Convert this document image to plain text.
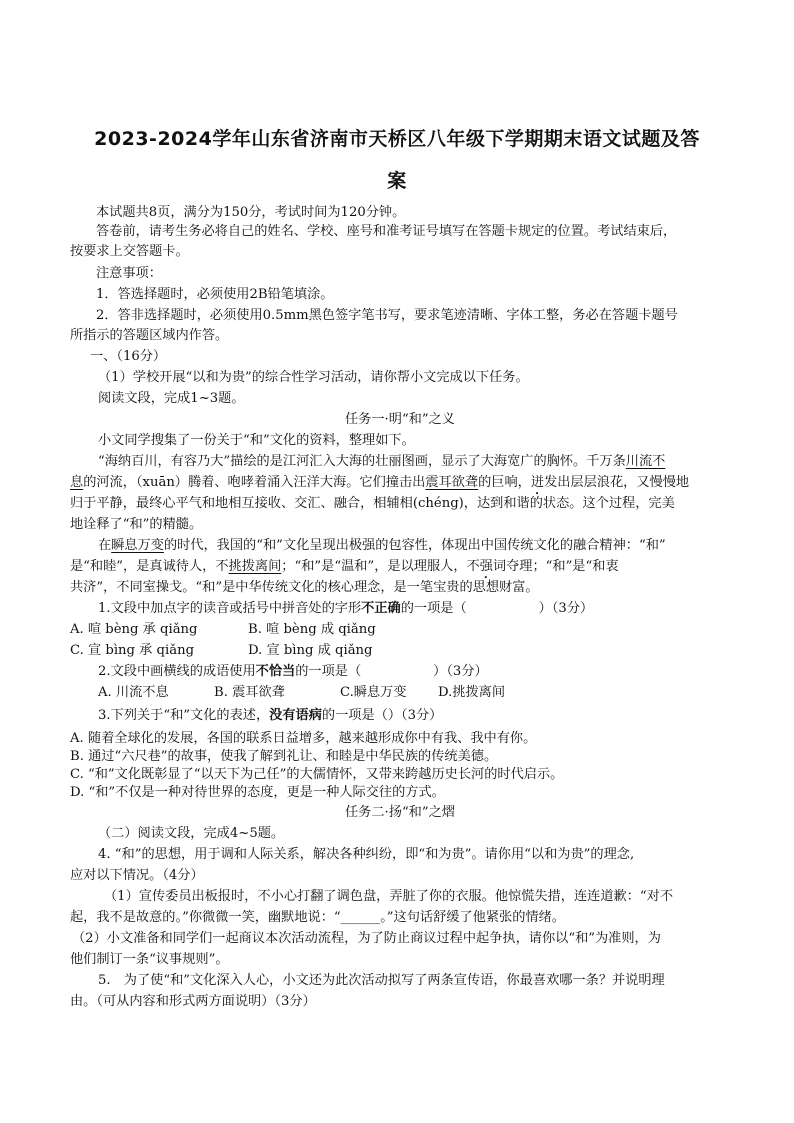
2023-2024学年山东省济南市天桥区八年级下学期期末语文试题及答
案
本试题共8页，满分为150分，考试时间为120分钟。
答卷前，请考生务必将自己的姓名、学校、座号和准考证号填写在答题卡规定的位置。考试结束后，
按要求上交答题卡。
注意事项：
1．答选择题时，必须使用2B铅笔填涂。
2．答非选择题时，必须使用0.5mm黑色签字笔书写，要求笔迹清晰、字体工整，务必在答题卡题号
所指示的答题区域内作答。
一、（16分）
（1）学校开展“以和为贵”的综合性学习活动，请你帮小文完成以下任务。
阅读文段，完成1~3题。
任务一·明“和”之义
小文同学搜集了一份关于“和”文化的资料，整理如下。
“海纳百川，有容乃大”描绘的是江河汇入大海的壮丽图画，显示了大海宽广的胸怀。千万条川流不
息的河流，（xuān）腾着、咆哮着涌入汪洋大海。它们撞击出震耳欲聋的巨响，迸发出层层浪花，又慢慢地
归于平静，最终心平气和地相互接收、交汇、融合，相辅相(chéng)，达到和谐的状态。这个过程，完美
地诠释了“和”的精髓。
在瞬息万变的时代，我国的“和”文化呈现出极强的包容性，体现出中国传统文化的融合精神：“和”
是“和睦”，是真诚待人，不挑拨离间；“和”是“温和”，是以理服人，不强词夺理；“和”是“和衷
共济”，不同室操戈。“和”是中华传统文化的核心理念，是一笔宝贵的思想财富。
1.文段中加点字的读音或括号中拼音处的字形不正确的一项是（	）（3分）
A. 喧 bèng 承 qiǎng	B. 喧 bèng 成 qiǎng
C. 宣 bìng 承 qiǎng	D. 宣 bìng 成 qiǎng
2.文段中画横线的成语使用不恰当的一项是（	）（3分）
A. 川流不息	B. 震耳欲聋	C.瞬息万变 D.挑拨离间
3.下列关于“和”文化的表述，没有语病的一项是（）（3分）
A. 随着全球化的发展，各国的联系日益增多，越来越形成你中有我、我中有你。
B. 通过“六尺巷”的故事，使我了解到礼让、和睦是中华民族的传统美德。
C. “和”文化既彰显了“以天下为己任”的大儒情怀，又带来跨越历史长河的时代启示。
D. “和”不仅是一种对待世界的态度，更是一种人际交往的方式。
任务二·扬“和”之熠
（二）阅读文段，完成4~5题。
4. “和”的思想，用于调和人际关系，解决各种纠纷，即“和为贵”。请你用“以和为贵”的理念,
应对以下情况。（4分）
（1）宣传委员出板报时，不小心打翻了调色盘，弄脏了你的衣服。他惊慌失措，连连道歉：“对不
起，我不是故意的。”你微微一笑，幽默地说：“______。”这句话舒缓了他紧张的情绪。
（2）小文准备和同学们一起商议本次活动流程，为了防止商议过程中起争执，请你以“和”为准则，为
他们制订一条“议事规则”。
5.　为了使“和”文化深入人心，小文还为此次活动拟写了两条宣传语，你最喜欢哪一条？并说明理
由。（可从内容和形式两方面说明）（3分）
